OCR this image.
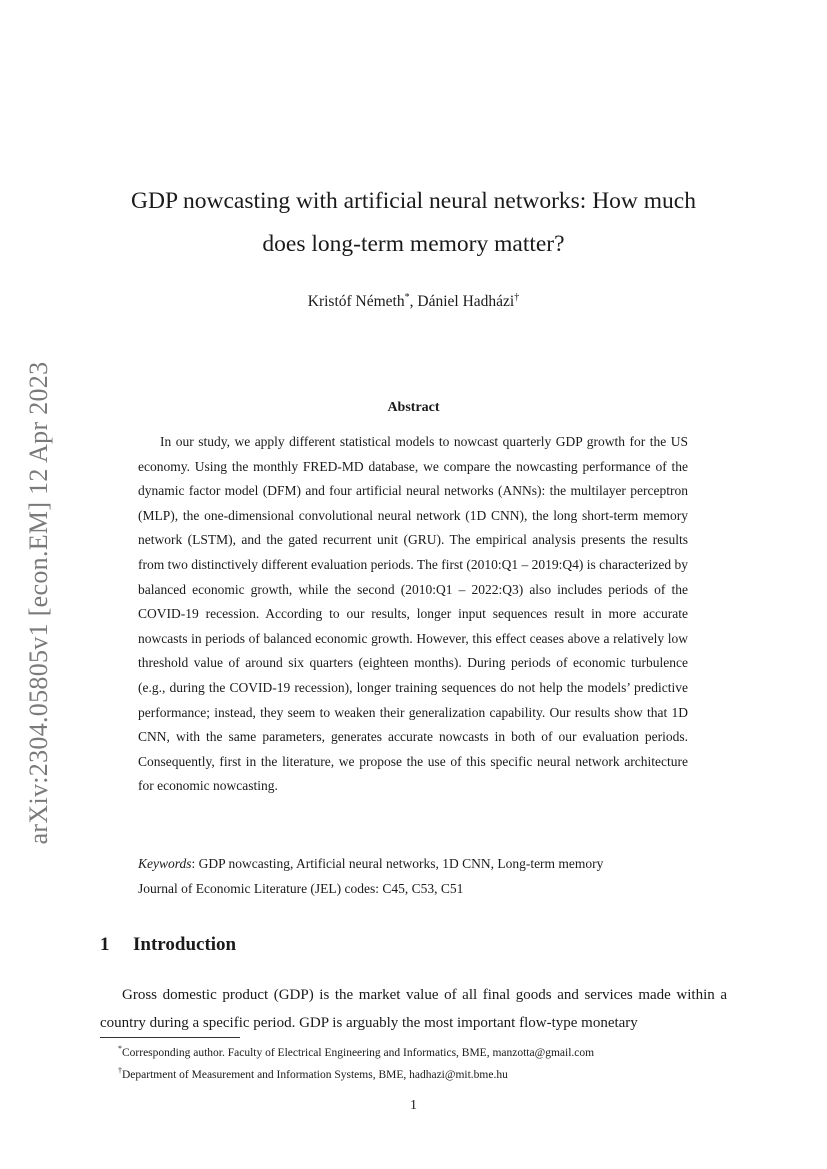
arXiv:2304.05805v1 [econ.EM] 12 Apr 2023
GDP nowcasting with artificial neural networks: How much
does long-term memory matter?
Kristóf Németh*, Dániel Hadházi†
Abstract

In our study, we apply different statistical models to nowcast quarterly GDP growth for the US economy. Using the monthly FRED-MD database, we compare the nowcasting performance of the dynamic factor model (DFM) and four artificial neural networks (ANNs): the multilayer perceptron (MLP), the one-dimensional convolutional neural network (1D CNN), the long short-term memory network (LSTM), and the gated recurrent unit (GRU). The empirical analysis presents the results from two distinctively different evaluation periods. The first (2010:Q1 – 2019:Q4) is characterized by balanced economic growth, while the second (2010:Q1 – 2022:Q3) also includes periods of the COVID-19 recession. According to our results, longer input sequences result in more accurate nowcasts in periods of balanced economic growth. However, this effect ceases above a relatively low threshold value of around six quarters (eighteen months). During periods of economic turbulence (e.g., during the COVID-19 recession), longer training sequences do not help the models’ predictive performance; instead, they seem to weaken their generalization capability. Our results show that 1D CNN, with the same parameters, generates accurate nowcasts in both of our evaluation periods. Consequently, first in the literature, we propose the use of this specific neural network architecture for economic nowcasting.

Keywords: GDP nowcasting, Artificial neural networks, 1D CNN, Long-term memory
Journal of Economic Literature (JEL) codes: C45, C53, C51
1 Introduction

Gross domestic product (GDP) is the market value of all final goods and services made within a country during a specific period. GDP is arguably the most important flow-type monetary

*Corresponding author. Faculty of Electrical Engineering and Informatics, BME, manzotta@gmail.com
†Department of Measurement and Information Systems, BME, hadhazi@mit.bme.hu
1
